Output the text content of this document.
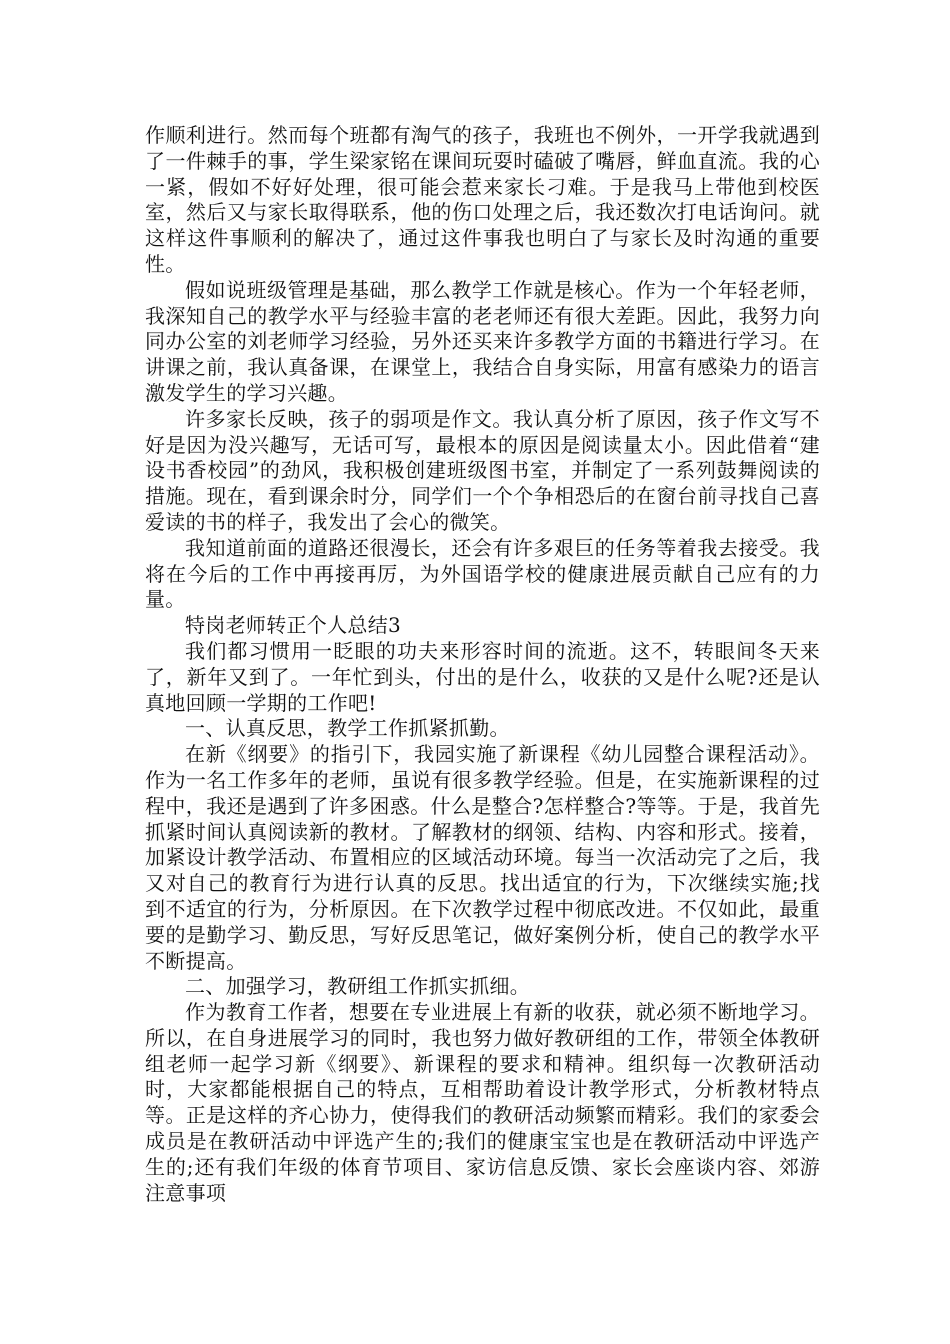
作顺利进行。然而每个班都有淘气的孩子，我班也不例外，一开学我就遇到了一件棘手的事，学生梁家铭在课间玩耍时磕破了嘴唇，鲜血直流。我的心一紧，假如不好好处理，很可能会惹来家长刁难。于是我马上带他到校医室，然后又与家长取得联系，他的伤口处理之后，我还数次打电话询问。就这样这件事顺利的解决了，通过这件事我也明白了与家长及时沟通的重要性。

假如说班级管理是基础，那么教学工作就是核心。作为一个年轻老师，我深知自己的教学水平与经验丰富的老老师还有很大差距。因此，我努力向同办公室的刘老师学习经验，另外还买来许多教学方面的书籍进行学习。在讲课之前，我认真备课，在课堂上，我结合自身实际，用富有感染力的语言激发学生的学习兴趣。

许多家长反映，孩子的弱项是作文。我认真分析了原因，孩子作文写不好是因为没兴趣写，无话可写，最根本的原因是阅读量太小。因此借着“建设书香校园”的劲风，我积极创建班级图书室，并制定了一系列鼓舞阅读的措施。现在，看到课余时分，同学们一个个争相恐后的在窗台前寻找自己喜爱读的书的样子，我发出了会心的微笑。

我知道前面的道路还很漫长，还会有许多艰巨的任务等着我去接受。我将在今后的工作中再接再厉，为外国语学校的健康进展贡献自己应有的力量。

特岗老师转正个人总结3

我们都习惯用一眨眼的功夫来形容时间的流逝。这不，转眼间冬天来了，新年又到了。一年忙到头，付出的是什么，收获的又是什么呢?还是认真地回顾一学期的工作吧!

一、认真反思，教学工作抓紧抓勤。

在新《纲要》的指引下，我园实施了新课程《幼儿园整合课程活动》。作为一名工作多年的老师，虽说有很多教学经验。但是，在实施新课程的过程中，我还是遇到了许多困惑。什么是整合?怎样整合?等等。于是，我首先抓紧时间认真阅读新的教材。了解教材的纲领、结构、内容和形式。接着，加紧设计教学活动、布置相应的区域活动环境。每当一次活动完了之后，我又对自己的教育行为进行认真的反思。找出适宜的行为，下次继续实施;找到不适宜的行为，分析原因。在下次教学过程中彻底改进。不仅如此，最重要的是勤学习、勤反思，写好反思笔记，做好案例分析，使自己的教学水平不断提高。

二、加强学习，教研组工作抓实抓细。

作为教育工作者，想要在专业进展上有新的收获，就必须不断地学习。所以，在自身进展学习的同时，我也努力做好教研组的工作，带领全体教研组老师一起学习新《纲要》、新课程的要求和精神。组织每一次教研活动时，大家都能根据自己的特点，互相帮助着设计教学形式，分析教材特点等。正是这样的齐心协力，使得我们的教研活动频繁而精彩。我们的家委会成员是在教研活动中评选产生的;我们的健康宝宝也是在教研活动中评选产生的;还有我们年级的体育节项目、家访信息反馈、家长会座谈内容、郊游注意事项
